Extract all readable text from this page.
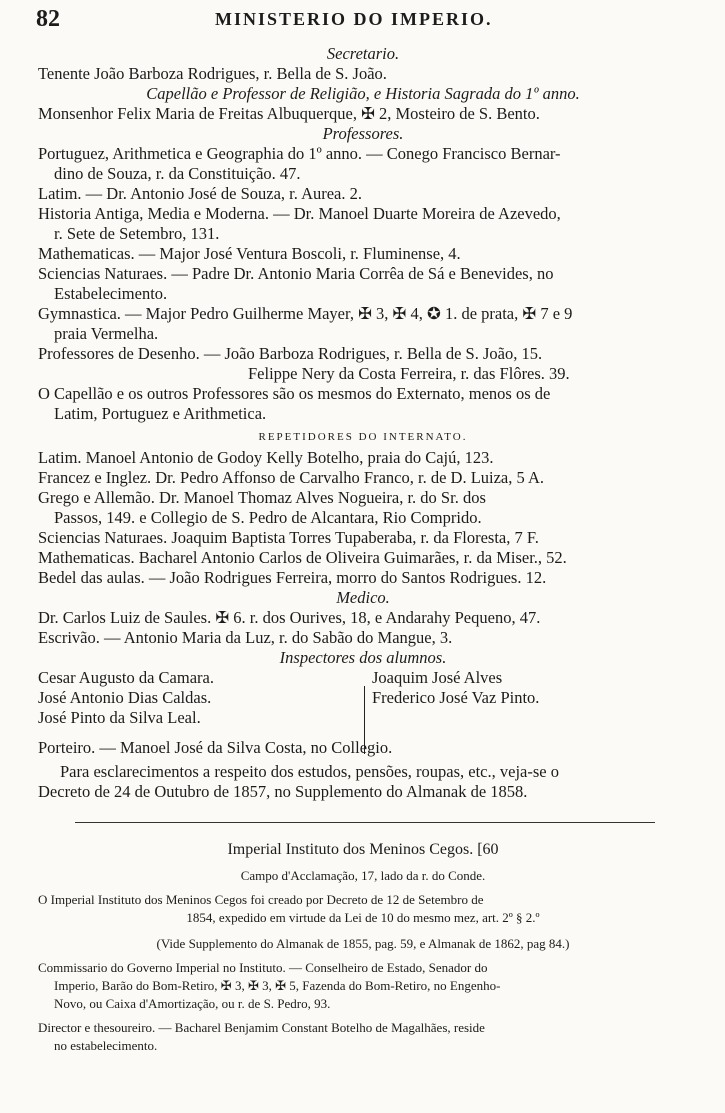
82	MINISTERIO DO IMPERIO.
Secretario.
Tenente João Barboza Rodrigues, r. Bella de S. João.
Capellão e Professor de Religião, e Historia Sagrada do 1º anno.
Monsenhor Felix Maria de Freitas Albuquerque, ✠ 2, Mosteiro de S. Bento.
Professores.
Portuguez, Arithmetica e Geographia do 1º anno. — Conego Francisco Bernar-
dino de Souza, r. da Constituição. 47.
Latim. — Dr. Antonio José de Souza, r. Aurea. 2.
Historia Antiga, Media e Moderna. — Dr. Manoel Duarte Moreira de Azevedo,
r. Sete de Setembro, 131.
Mathematicas. — Major José Ventura Boscoli, r. Fluminense, 4.
Sciencias Naturaes. — Padre Dr. Antonio Maria Corrêa de Sá e Benevides, no
Estabelecimento.
Gymnastica. — Major Pedro Guilherme Mayer, ✠ 3, ✠ 4, ✪ 1. de prata, ✠ 7 e 9
praia Vermelha.
Professores de Desenho. — João Barboza Rodrigues, r. Bella de S. João, 15.
Felippe Nery da Costa Ferreira, r. das Flôres. 39.
O Capellão e os outros Professores são os mesmos do Externato, menos os de
Latim, Portuguez e Arithmetica.
REPETIDORES DO INTERNATO.
Latim. Manoel Antonio de Godoy Kelly Botelho, praia do Cajú, 123.
Francez e Inglez. Dr. Pedro Affonso de Carvalho Franco, r. de D. Luiza, 5 A.
Grego e Allemão. Dr. Manoel Thomaz Alves Nogueira, r. do Sr. dos
Passos, 149. e Collegio de S. Pedro de Alcantara, Rio Comprido.
Sciencias Naturaes. Joaquim Baptista Torres Tupaberaba, r. da Floresta, 7 F.
Mathematicas. Bacharel Antonio Carlos de Oliveira Guimarães, r. da Miser., 52.
Bedel das aulas. — João Rodrigues Ferreira, morro do Santos Rodrigues. 12.
Medico.
Dr. Carlos Luiz de Saules. ✠ 6. r. dos Ourives, 18, e Andarahy Pequeno, 47.
Escrivão. — Antonio Maria da Luz, r. do Sabão do Mangue, 3.
Inspectores dos alumnos.
Cesar Augusto da Camara.
José Antonio Dias Caldas.
José Pinto da Silva Leal.
Joaquim José Alves
Frederico José Vaz Pinto.
Porteiro. — Manoel José da Silva Costa, no Collegio.
Para esclarecimentos a respeito dos estudos, pensões, roupas, etc., veja-se o
Decreto de 24 de Outubro de 1857, no Supplemento do Almanak de 1858.
Imperial Instituto dos Meninos Cegos. [60
Campo d'Acclamação, 17, lado da r. do Conde.
O Imperial Instituto dos Meninos Cegos foi creado por Decreto de 12 de Setembro de
1854, expedido em virtude da Lei de 10 do mesmo mez, art. 2º § 2.º
(Vide Supplemento do Almanak de 1855, pag. 59, e Almanak de 1862, pag 84.)
Commissario do Governo Imperial no Instituto. — Conselheiro de Estado, Senador do
Imperio, Barão do Bom-Retiro, ✠ 3, ✠ 3, ✠ 5, Fazenda do Bom-Retiro, no Engenho-
Novo, ou Caixa d'Amortização, ou r. de S. Pedro, 93.
Director e thesoureiro. — Bacharel Benjamim Constant Botelho de Magalhães, reside
no estabelecimento.
